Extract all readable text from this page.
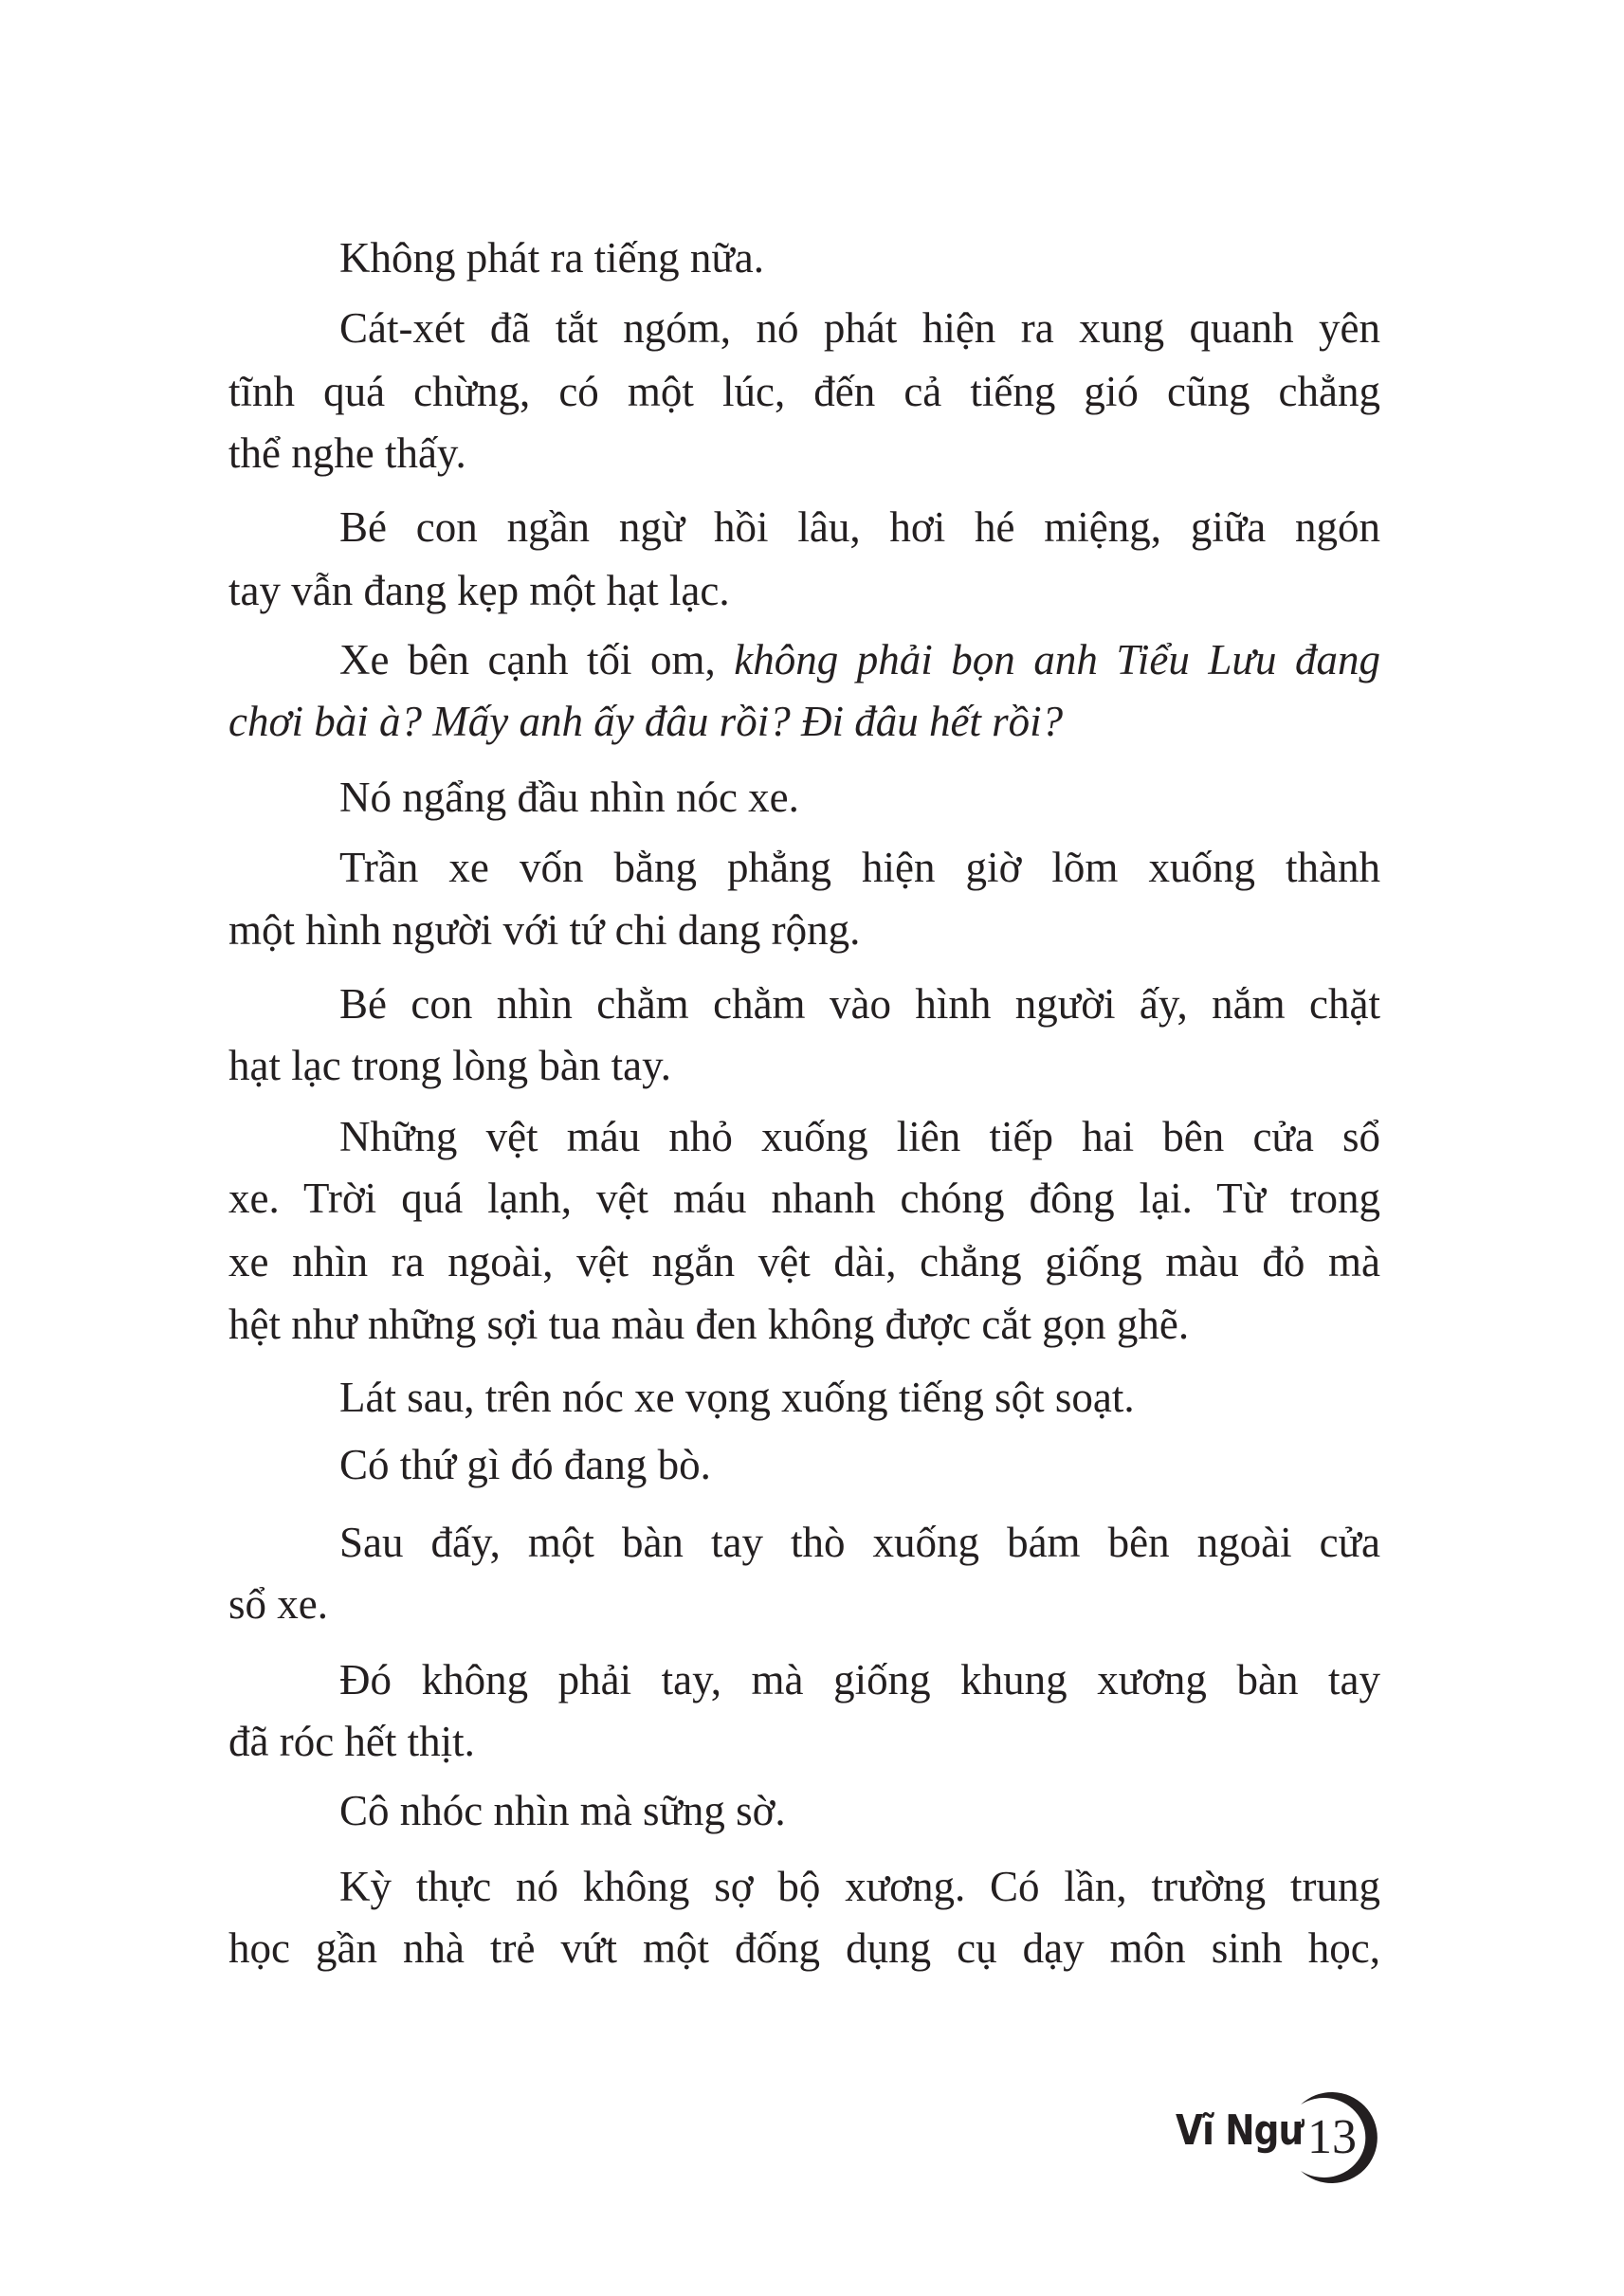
Không phát ra tiếng nữa.
Cát-xét đã tắt ngóm, nó phát hiện ra xung quanh yên
tĩnh quá chừng, có một lúc, đến cả tiếng gió cũng chẳng
thể nghe thấy.
Bé con ngần ngừ hồi lâu, hơi hé miệng, giữa ngón
tay vẫn đang kẹp một hạt lạc.
Xe bên cạnh tối om, không phải bọn anh Tiểu Lưu đang
chơi bài à? Mấy anh ấy đâu rồi? Đi đâu hết rồi?
Nó ngẩng đầu nhìn nóc xe.
Trần xe vốn bằng phẳng hiện giờ lõm xuống thành
một hình người với tứ chi dang rộng.
Bé con nhìn chằm chằm vào hình người ấy, nắm chặt
hạt lạc trong lòng bàn tay.
Những vệt máu nhỏ xuống liên tiếp hai bên cửa sổ
xe. Trời quá lạnh, vệt máu nhanh chóng đông lại. Từ trong
xe nhìn ra ngoài, vệt ngắn vệt dài, chẳng giống màu đỏ mà
hệt như những sợi tua màu đen không được cắt gọn ghẽ.
Lát sau, trên nóc xe vọng xuống tiếng sột soạt.
Có thứ gì đó đang bò.
Sau đấy, một bàn tay thò xuống bám bên ngoài cửa
sổ xe.
Đó không phải tay, mà giống khung xương bàn tay
đã róc hết thịt.
Cô nhóc nhìn mà sững sờ.
Kỳ thực nó không sợ bộ xương. Có lần, trường trung
học gần nhà trẻ vứt một đống dụng cụ dạy môn sinh học,
Vĩ Ngư 13
